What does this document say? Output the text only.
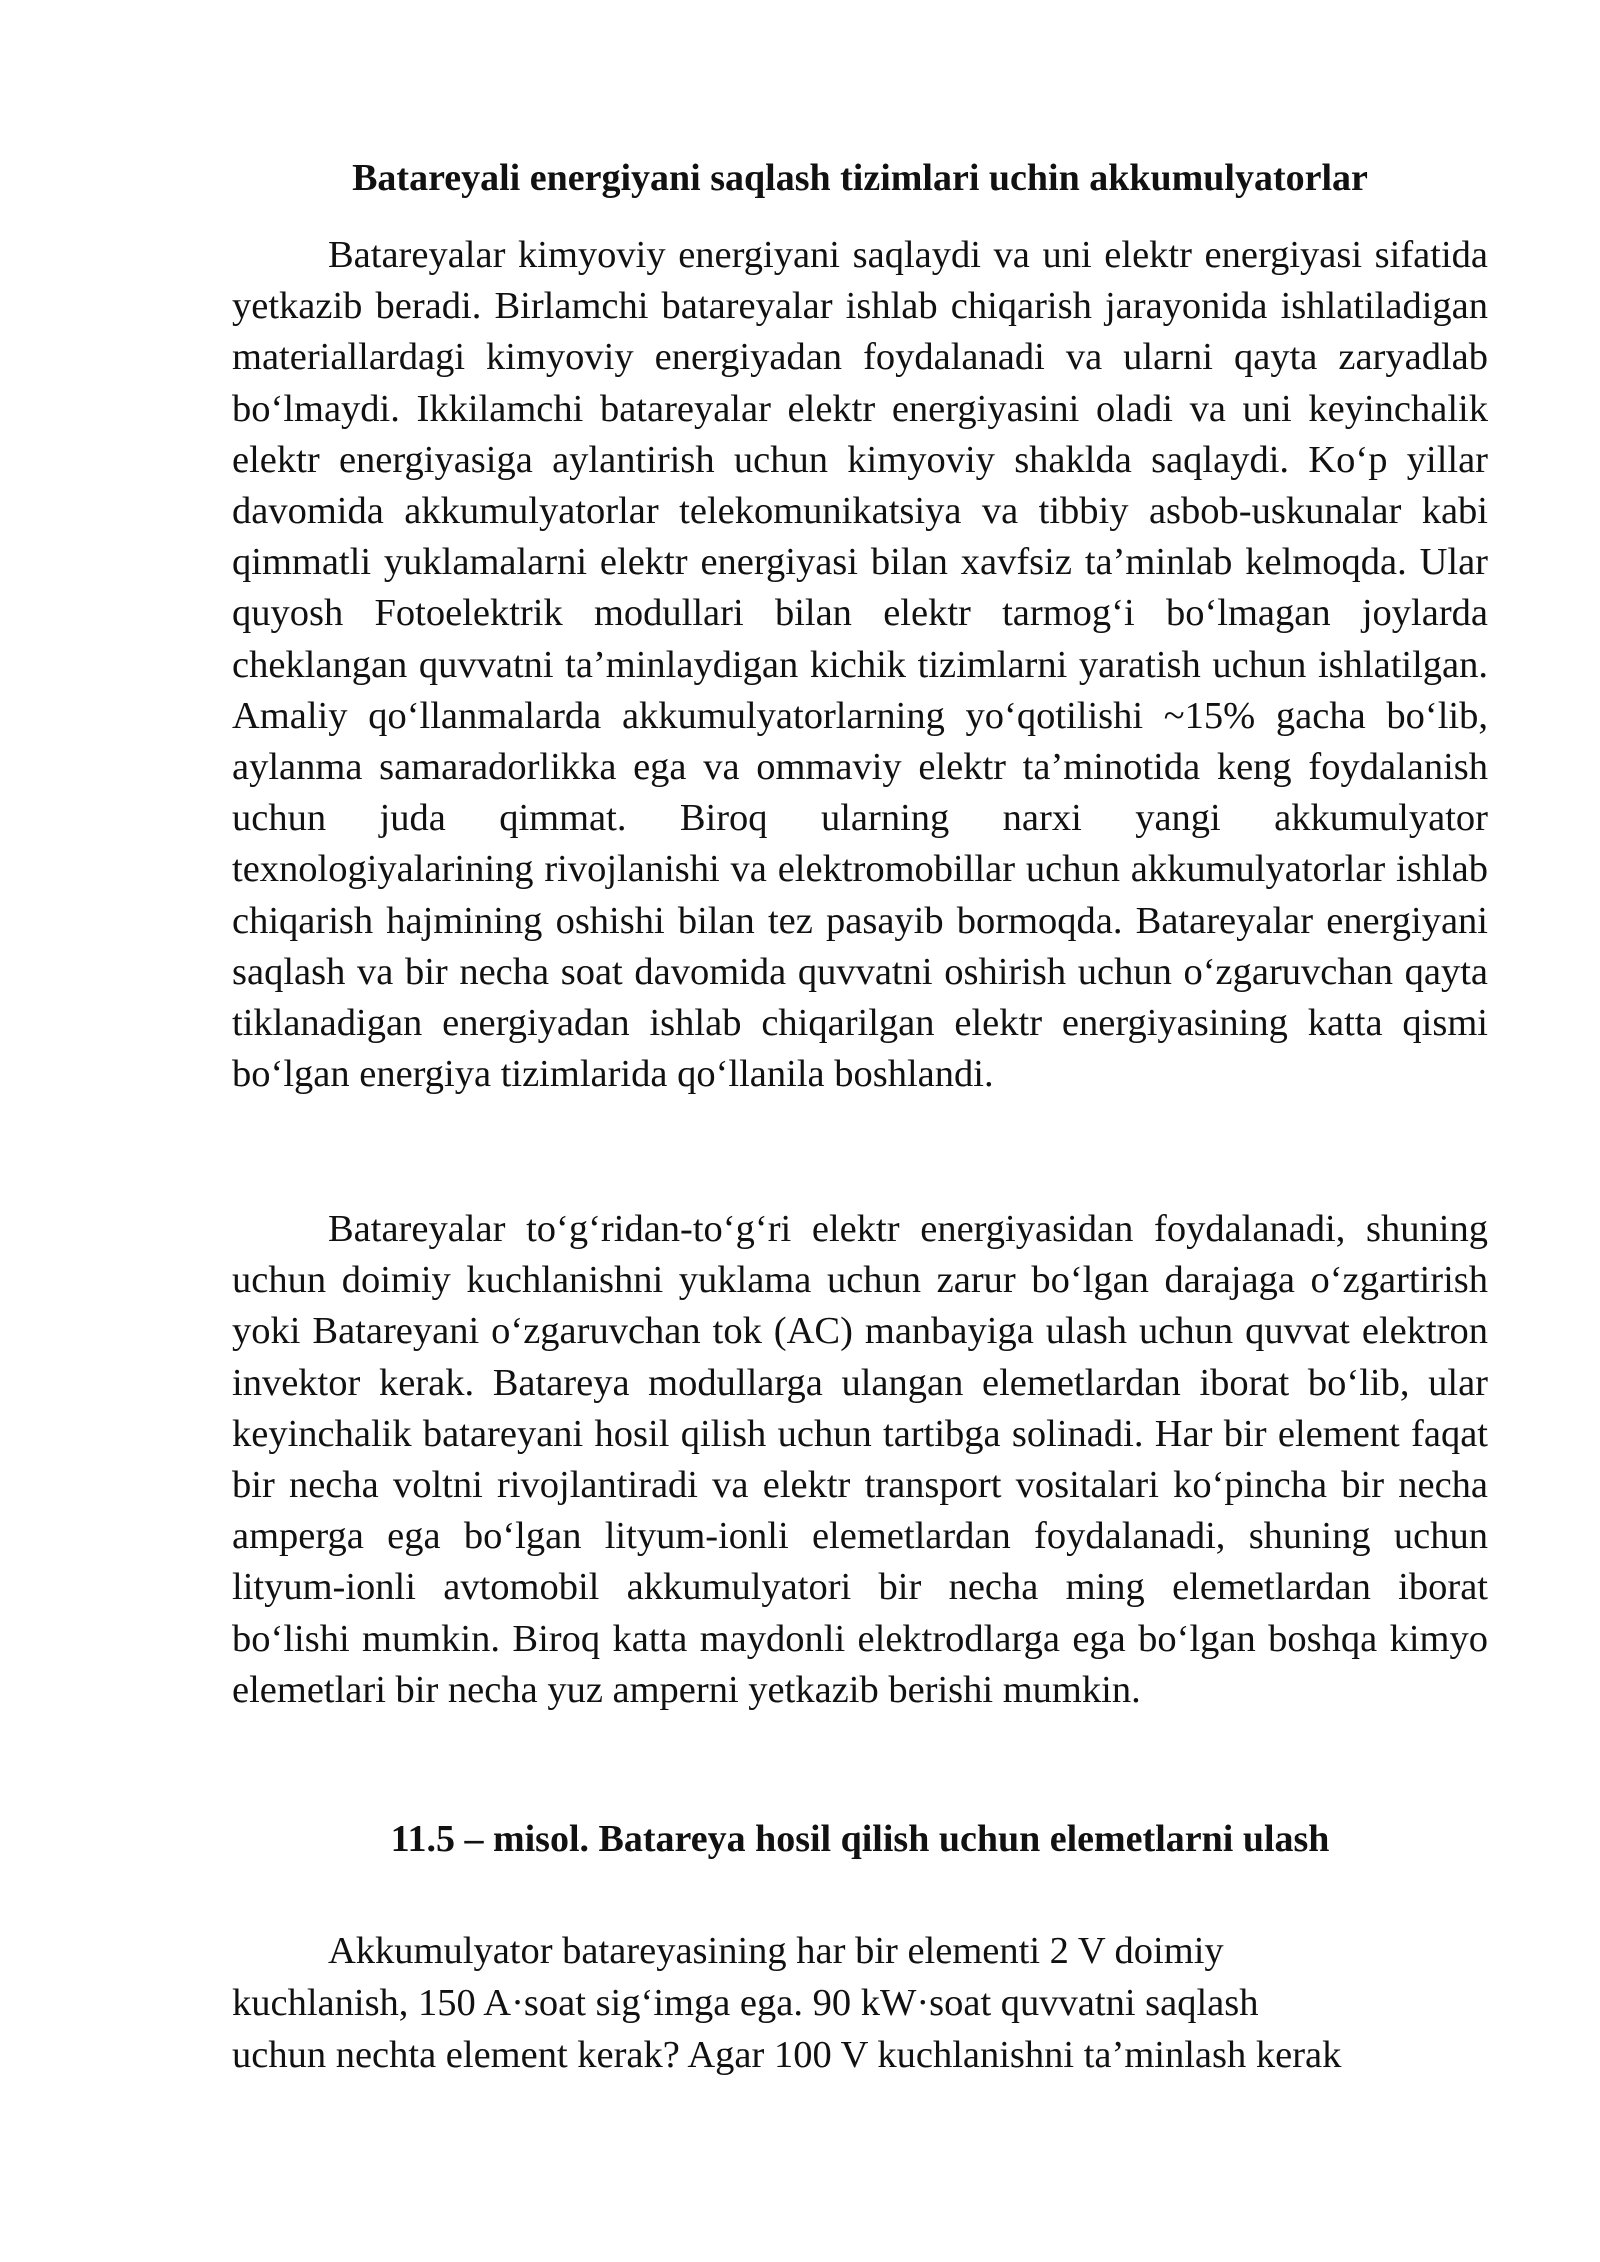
Batareyali energiyani saqlash tizimlari uchin akkumulyatorlar

Batareyalar kimyoviy energiyani saqlaydi va uni elektr energiyasi sifatida yetkazib beradi. Birlamchi batareyalar ishlab chiqarish jarayonida ishlatiladigan materiallardagi kimyoviy energiyadan foydalanadi va ularni qayta zaryadlab bo‘lmaydi. Ikkilamchi batareyalar elektr energiyasini oladi va uni keyinchalik elektr energiyasiga aylantirish uchun kimyoviy shaklda saqlaydi. Ko‘p yillar davomida akkumulyatorlar telekomunikatsiya va tibbiy asbob-uskunalar kabi qimmatli yuklamalarni elektr energiyasi bilan xavfsiz ta’minlab kelmoqda. Ular quyosh Fotoelektrik modullari bilan elektr tarmog‘i bo‘lmagan joylarda cheklangan quvvatni ta’minlaydigan kichik tizimlarni yaratish uchun ishlatilgan. Amaliy qo‘llanmalarda akkumulyatorlarning yo‘qotilishi ~15% gacha bo‘lib, aylanma samaradorlikka ega va ommaviy elektr ta’minotida keng foydalanish uchun juda qimmat. Biroq ularning narxi yangi akkumulyator texnologiyalarining rivojlanishi va elektromobillar uchun akkumulyatorlar ishlab chiqarish hajmining oshishi bilan tez pasayib bormoqda. Batareyalar energiyani saqlash va bir necha soat davomida quvvatni oshirish uchun o‘zgaruvchan qayta tiklanadigan energiyadan ishlab chiqarilgan elektr energiyasining katta qismi bo‘lgan energiya tizimlarida qo‘llanila boshlandi.

Batareyalar to‘g‘ridan-to‘g‘ri elektr energiyasidan foydalanadi, shuning uchun doimiy kuchlanishni yuklama uchun zarur bo‘lgan darajaga o‘zgartirish yoki Batareyani o‘zgaruvchan tok (AC) manbayiga ulash uchun quvvat elektron invektor kerak. Batareya modullarga ulangan elemetlardan iborat bo‘lib, ular keyinchalik batareyani hosil qilish uchun tartibga solinadi. Har bir element faqat bir necha voltni rivojlantiradi va elektr transport vositalari ko‘pincha bir necha amperga ega bo‘lgan lityum-ionli elemetlardan foydalanadi, shuning uchun lityum-ionli avtomobil akkumulyatori bir necha ming elemetlardan iborat bo‘lishi mumkin. Biroq katta maydonli elektrodlarga ega bo‘lgan boshqa kimyo elemetlari bir necha yuz amperni yetkazib berishi mumkin.

11.5 – misol. Batareya hosil qilish uchun elemetlarni ulash
Akkumulyator batareyasining har bir elementi 2 V doimiy
kuchlanish, 150 A·soat sig‘imga ega. 90 kW·soat quvvatni saqlash
uchun nechta element kerak? Agar 100 V kuchlanishni ta’minlash kerak
